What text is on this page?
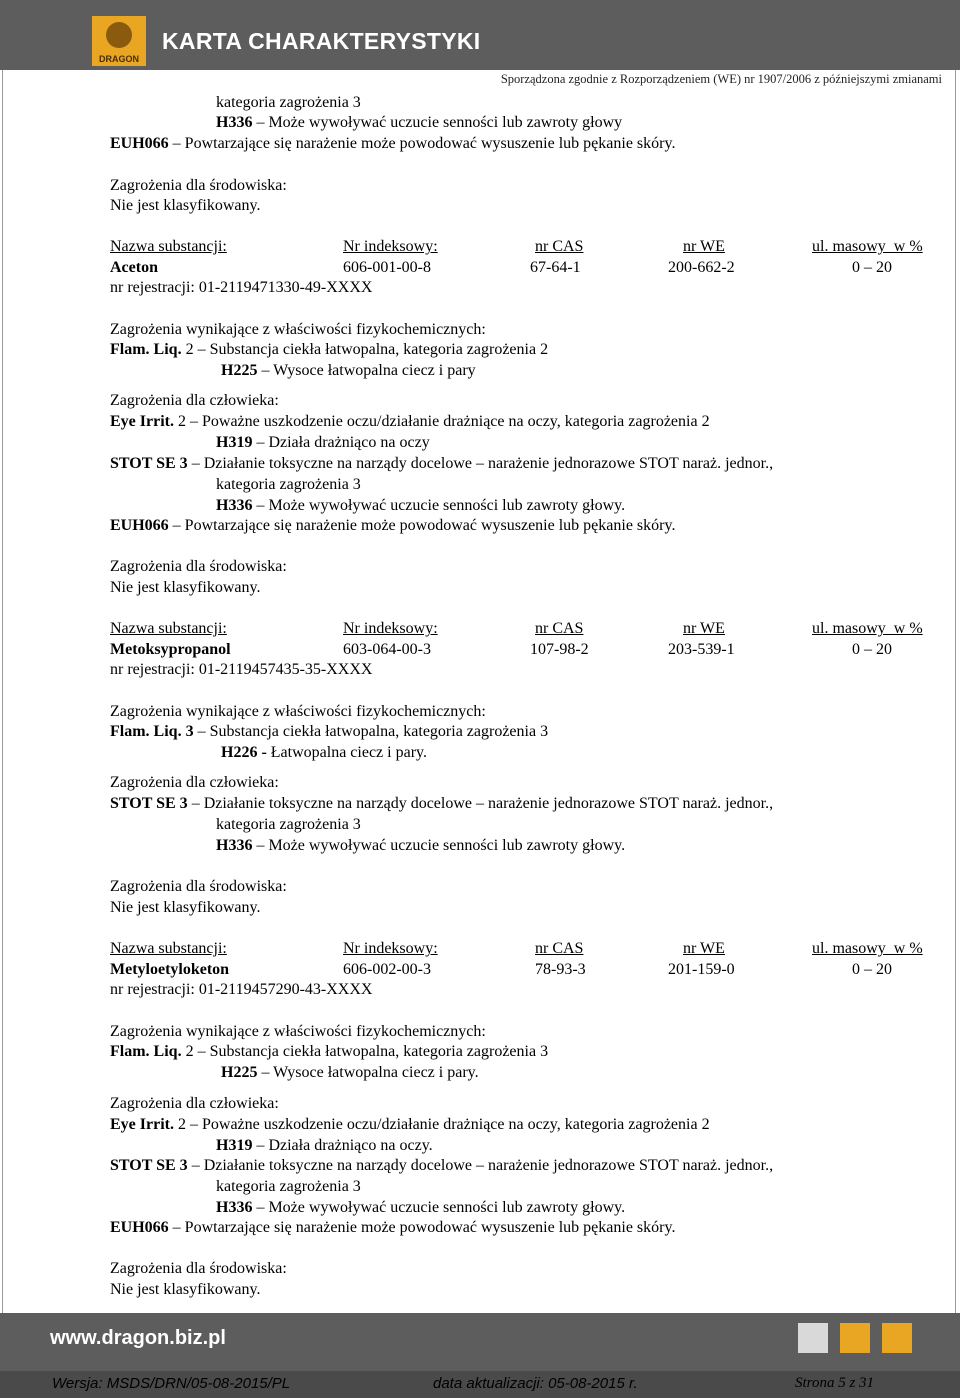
DRAGON
KARTA CHARAKTERYSTYKI
Sporządzona zgodnie z Rozporządzeniem (WE) nr 1907/2006 z późniejszymi zmianami
kategoria zagrożenia 3
H336 – Może wywoływać uczucie senności lub zawroty głowy
EUH066 – Powtarzające się narażenie może powodować wysuszenie lub pękanie skóry.
Zagrożenia dla środowiska:
Nie jest klasyfikowany.
Nazwa substancji:	Nr indeksowy:	nr CAS	nr WE	ul. masowy  w %
Aceton	606-001-00-8	67-64-1	200-662-2	0 – 20
nr rejestracji: 01-2119471330-49-XXXX
Zagrożenia wynikające z właściwości fizykochemicznych:
Flam. Liq. 2 – Substancja ciekła łatwopalna, kategoria zagrożenia 2
H225 – Wysoce łatwopalna ciecz i pary
Zagrożenia dla człowieka:
Eye Irrit. 2 – Poważne uszkodzenie oczu/działanie drażniące na oczy, kategoria zagrożenia 2
H319 – Działa drażniąco na oczy
STOT SE 3 – Działanie toksyczne na narządy docelowe – narażenie jednorazowe STOT naraż. jednor.,
kategoria zagrożenia 3
H336 – Może wywoływać uczucie senności lub zawroty głowy.
EUH066 – Powtarzające się narażenie może powodować wysuszenie lub pękanie skóry.
Zagrożenia dla środowiska:
Nie jest klasyfikowany.
Nazwa substancji:	Nr indeksowy:	nr CAS	nr WE	ul. masowy  w %
Metoksypropanol	603-064-00-3	107-98-2	203-539-1	0 – 20
nr rejestracji: 01-2119457435-35-XXXX
Zagrożenia wynikające z właściwości fizykochemicznych:
Flam. Liq. 3 – Substancja ciekła łatwopalna, kategoria zagrożenia 3
H226 - Łatwopalna ciecz i pary.
Zagrożenia dla człowieka:
STOT SE 3 – Działanie toksyczne na narządy docelowe – narażenie jednorazowe STOT naraż. jednor.,
kategoria zagrożenia 3
H336 – Może wywoływać uczucie senności lub zawroty głowy.
Zagrożenia dla środowiska:
Nie jest klasyfikowany.
Nazwa substancji:	Nr indeksowy:	nr CAS	nr WE	ul. masowy  w %
Metyloetyloketon	606-002-00-3	78-93-3	201-159-0	0 – 20
nr rejestracji: 01-2119457290-43-XXXX
Zagrożenia wynikające z właściwości fizykochemicznych:
Flam. Liq. 2 – Substancja ciekła łatwopalna, kategoria zagrożenia 3
H225 – Wysoce łatwopalna ciecz i pary.
Zagrożenia dla człowieka:
Eye Irrit. 2 – Poważne uszkodzenie oczu/działanie drażniące na oczy, kategoria zagrożenia 2
H319 – Działa drażniąco na oczy.
STOT SE 3 – Działanie toksyczne na narządy docelowe – narażenie jednorazowe STOT naraż. jednor.,
kategoria zagrożenia 3
H336 – Może wywoływać uczucie senności lub zawroty głowy.
EUH066 – Powtarzające się narażenie może powodować wysuszenie lub pękanie skóry.
Zagrożenia dla środowiska:
Nie jest klasyfikowany.
www.dragon.biz.pl
Wersja: MSDS/DRN/05-08-2015/PL	data aktualizacji: 05-08-2015 r.	Strona 5 z 31
